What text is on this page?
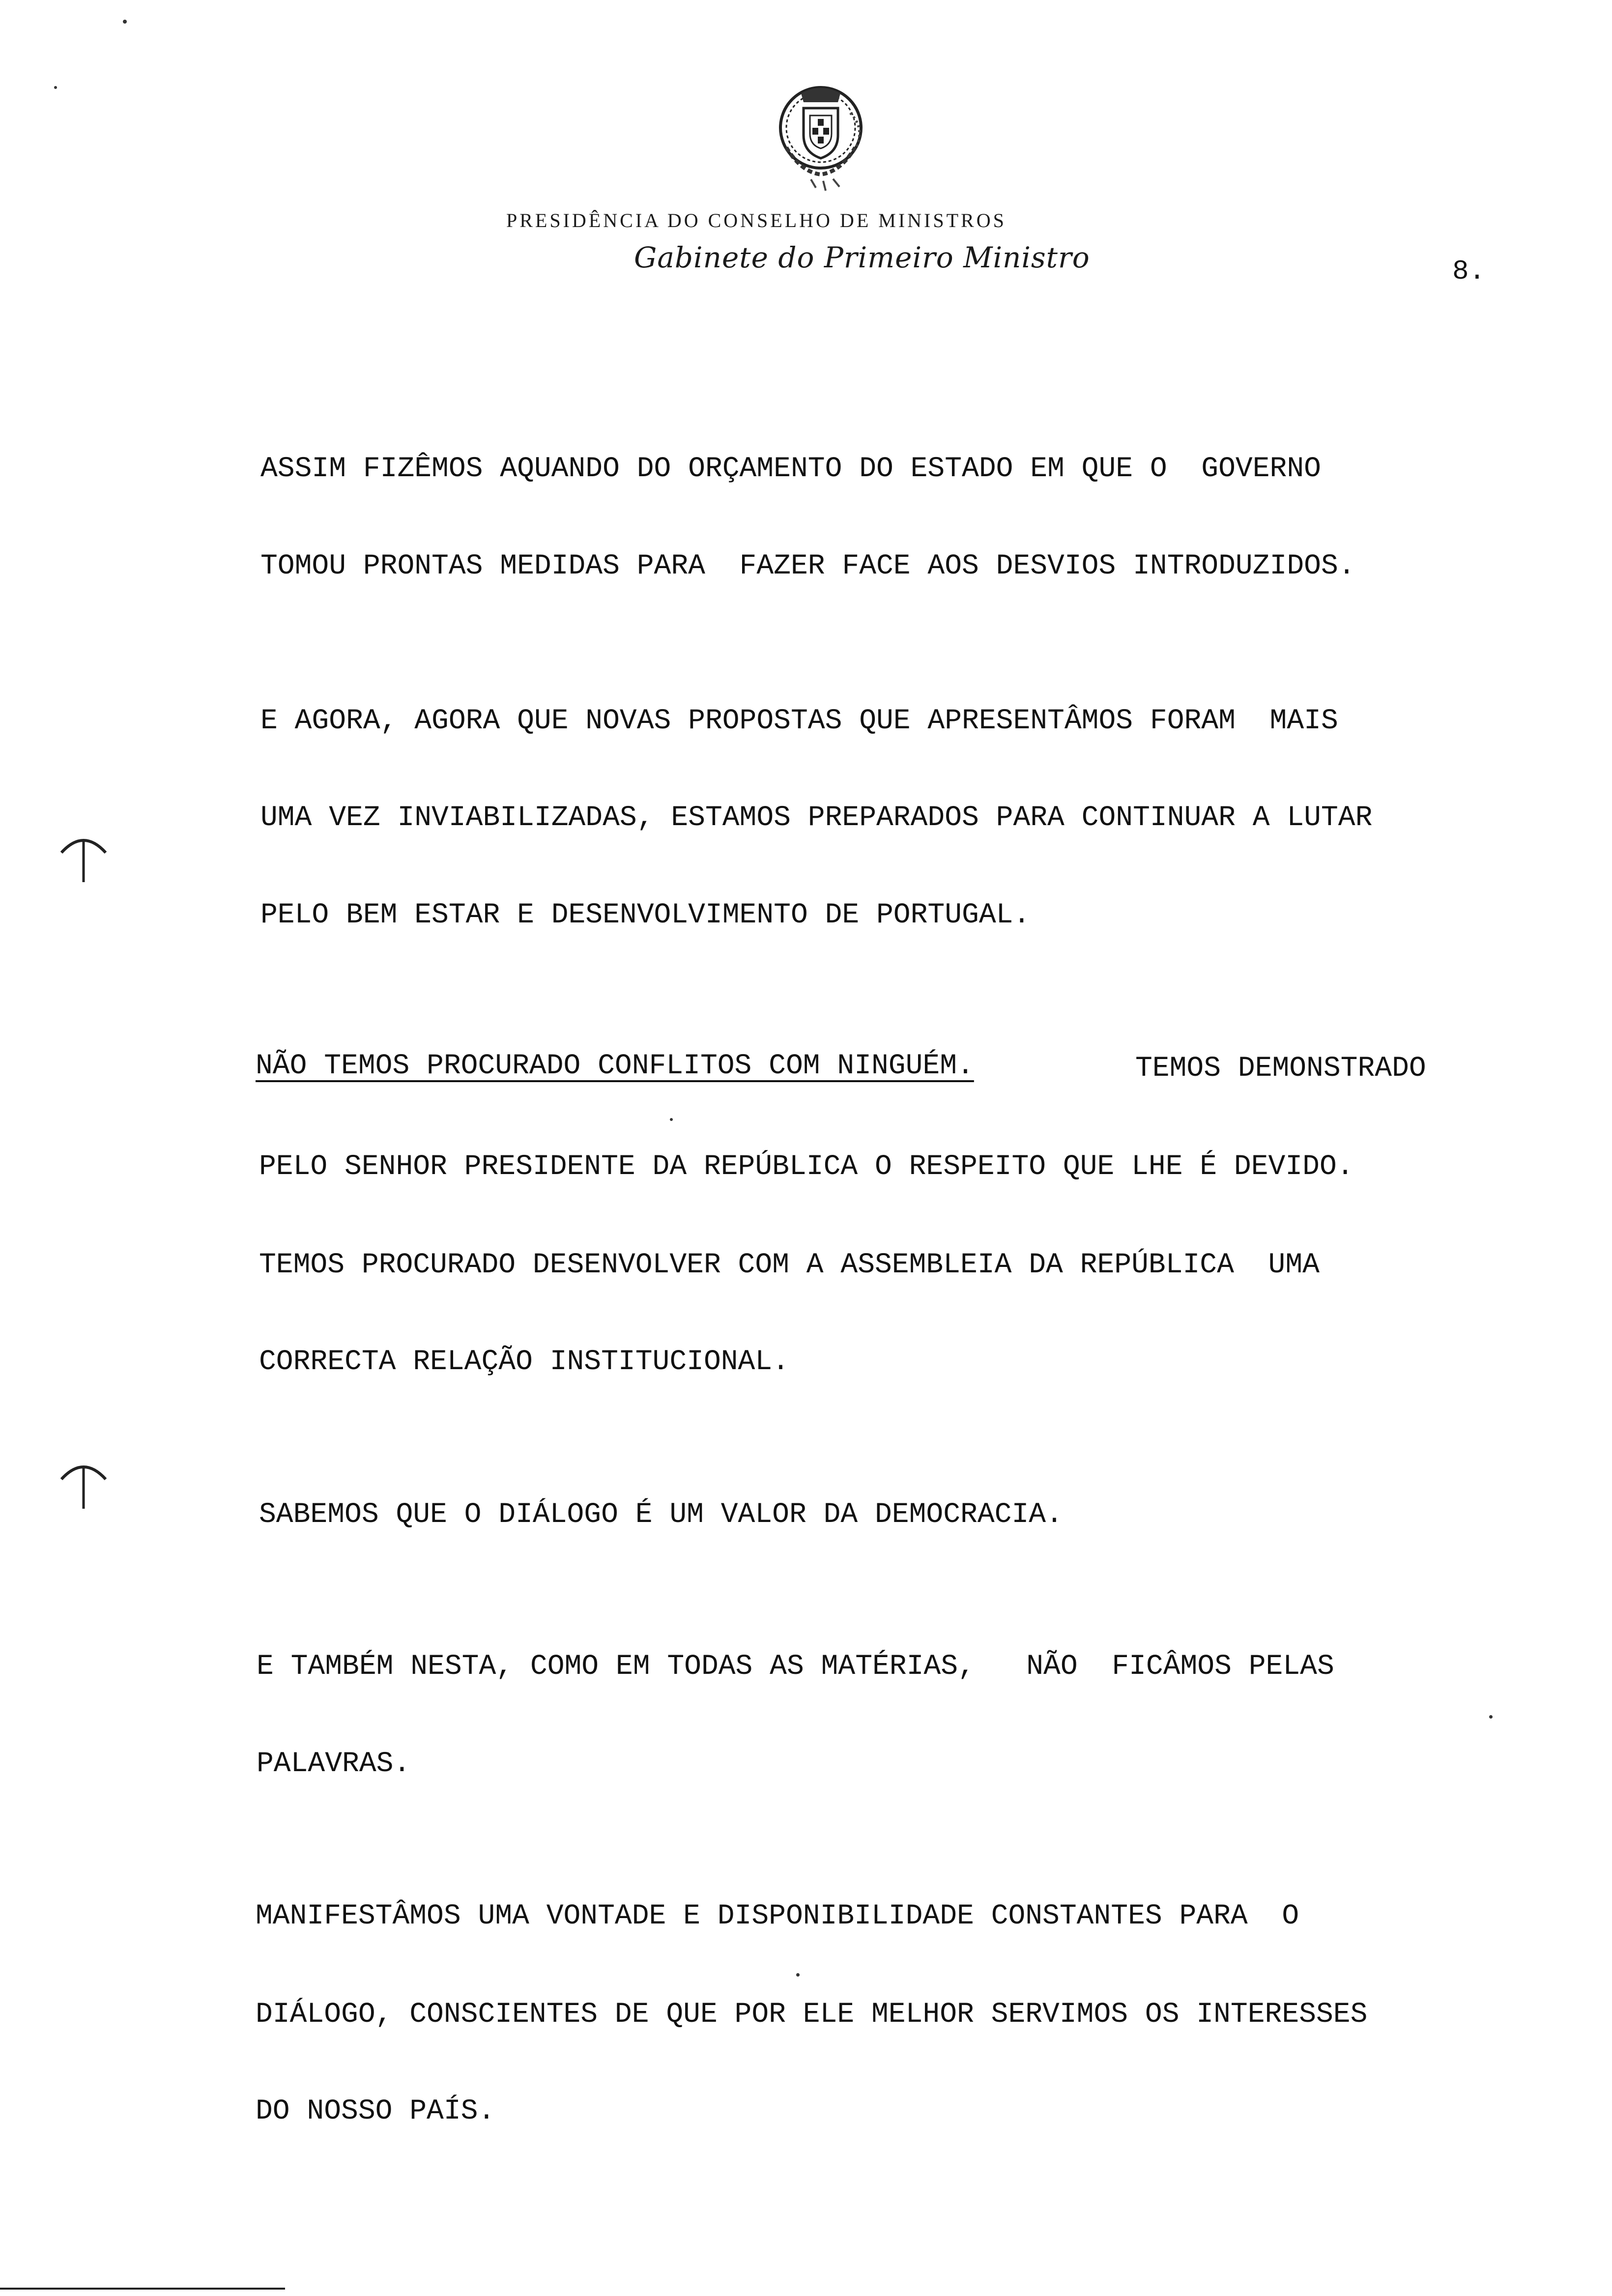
PRESIDÊNCIA DO CONSELHO DE MINISTROS
Gabinete do Primeiro Ministro	8.
ASSIM FIZÊMOS AQUANDO DO ORÇAMENTO DO ESTADO EM QUE O  GOVERNO
TOMOU PRONTAS MEDIDAS PARA  FAZER FACE AOS DESVIOS INTRODUZIDOS.
E AGORA, AGORA QUE NOVAS PROPOSTAS QUE APRESENTÂMOS FORAM  MAIS
UMA VEZ INVIABILIZADAS, ESTAMOS PREPARADOS PARA CONTINUAR A LUTAR
PELO BEM ESTAR E DESENVOLVIMENTO DE PORTUGAL.
NÃO TEMOS PROCURADO CONFLITOS COM NINGUÉM.	TEMOS DEMONSTRADO
PELO SENHOR PRESIDENTE DA REPÚBLICA O RESPEITO QUE LHE É DEVIDO.
TEMOS PROCURADO DESENVOLVER COM A ASSEMBLEIA DA REPÚBLICA  UMA
CORRECTA RELAÇÃO INSTITUCIONAL.
SABEMOS QUE O DIÁLOGO É UM VALOR DA DEMOCRACIA.
E TAMBÉM NESTA, COMO EM TODAS AS MATÉRIAS,   NÃO  FICÂMOS PELAS
PALAVRAS.
MANIFESTÂMOS UMA VONTADE E DISPONIBILIDADE CONSTANTES PARA  O
DIÁLOGO, CONSCIENTES DE QUE POR ELE MELHOR SERVIMOS OS INTERESSES
DO NOSSO PAÍS.
